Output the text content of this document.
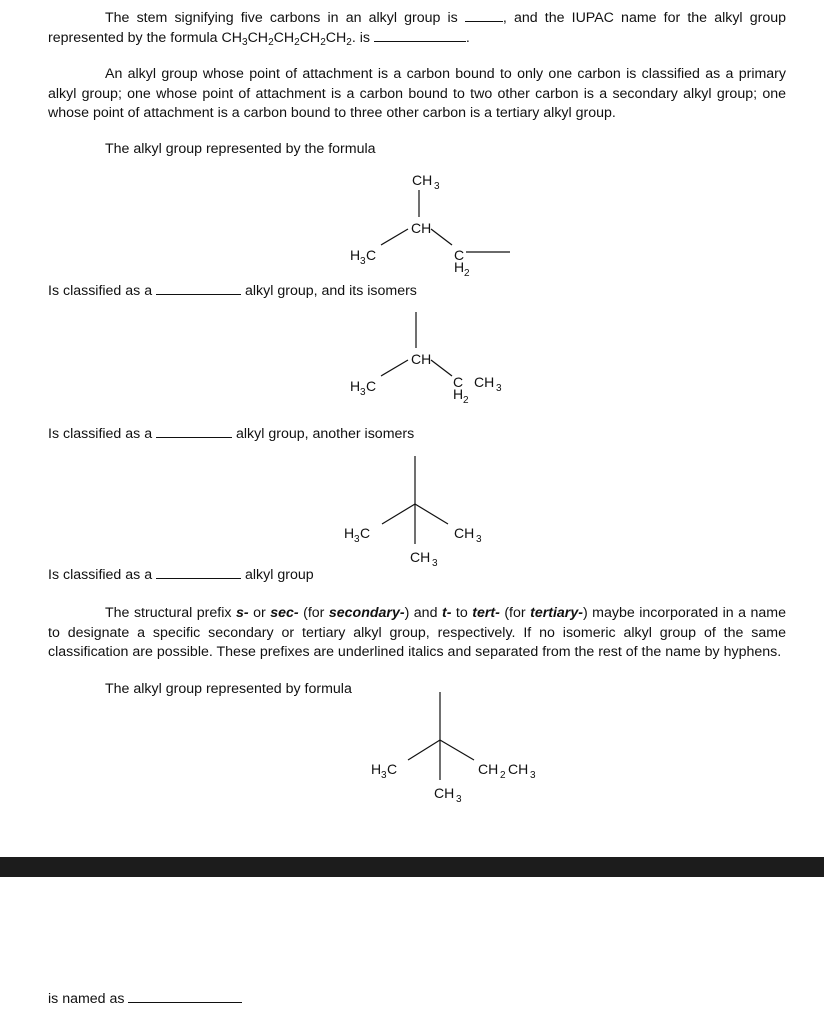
The stem signifying five carbons in an alkyl group is	, and the IUPAC name for the alkyl group represented by the formula $CH_3CH_2CH_2CH_2CH_2$. is	.

An alkyl group whose point of attachment is a carbon bound to only one carbon is classified as a primary alkyl group; one whose point of attachment is a carbon bound to two other carbon is a secondary alkyl group; one whose point of attachment is a carbon bound to three other carbon is a tertiary alkyl group.

The alkyl group represented by the formula
CH 3
CH
H 3 C	C
H 2
Is classified as a	alkyl group, and its isomers
CH
H 3 C	C
H 2
CH 3
Is classified as a	alkyl group, another isomers
H 3 C	CH 3
CH 3
Is classified as a	alkyl group

The structural prefix s- or sec- (for secondary-) and t- to tert- (for tertiary-) maybe incorporated in a name to designate a specific secondary or tertiary alkyl group, respectively. If no isomeric alkyl group of the same classification are possible. These prefixes are underlined italics and separated from the rest of the name by hyphens.

The alkyl group represented by formula
H 3 C	CH 2 CH 3
CH 3
is named as
